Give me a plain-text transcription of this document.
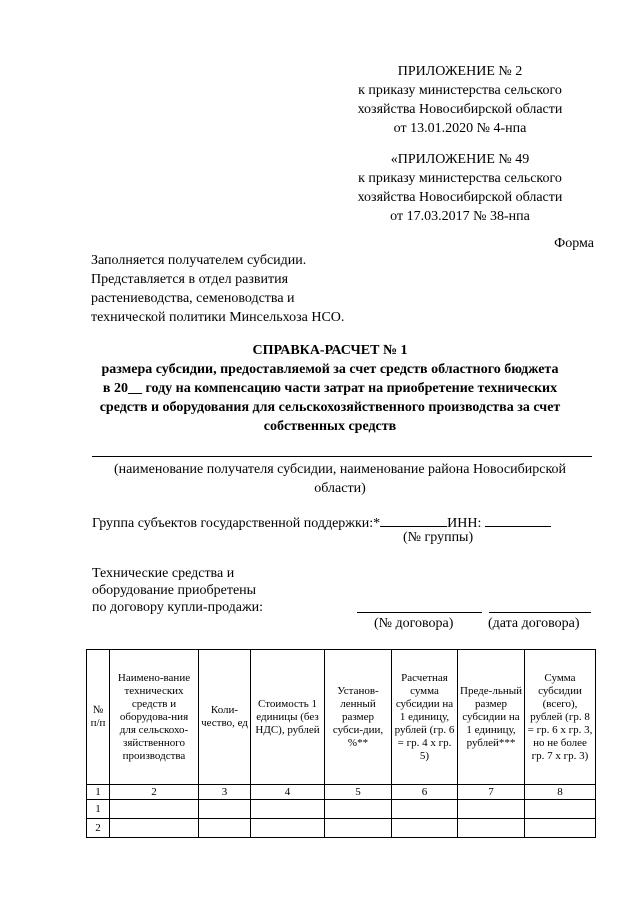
ПРИЛОЖЕНИЕ № 2
к приказу министерства сельского
хозяйства Новосибирской области
от 13.01.2020 № 4-нпа
«ПРИЛОЖЕНИЕ № 49
к приказу министерства сельского
хозяйства Новосибирской области
от 17.03.2017 № 38-нпа
Форма
Заполняется получателем субсидии.
Представляется в отдел развития
растениеводства, семеноводства и
технической политики Минсельхоза НСО.
СПРАВКА-РАСЧЕТ № 1
размера субсидии, предоставляемой за счет средств областного бюджета
в 20__ году на компенсацию части затрат на приобретение технических
средств и оборудования для сельскохозяйственного производства за счет
собственных средств
(наименование получателя субсидии, наименование района Новосибирской
области)
Группа субъектов государственной поддержки:*	ИНН:
(№ группы)
Технические средства и
оборудование приобретены
по договору купли-продажи:
(№ договора) (дата договора)
№ п/п	Наимено-вание технических средств и оборудова-ния для сельскохо-зяйственного производства	Коли-чество, ед	Стоимость 1 единицы (без НДС), рублей	Установ-ленный размер субси-дии, %**	Расчетная сумма субсидии на 1 единицу, рублей (гр. 6 = гр. 4 х гр. 5)	Преде-льный размер субсидии на 1 единицу, рублей***	Сумма субсидии (всего), рублей (гр. 8 = гр. 6 х гр. 3, но не более гр. 7 х гр. 3)
1	2	3	4	5	6	7	8
1							
2							
